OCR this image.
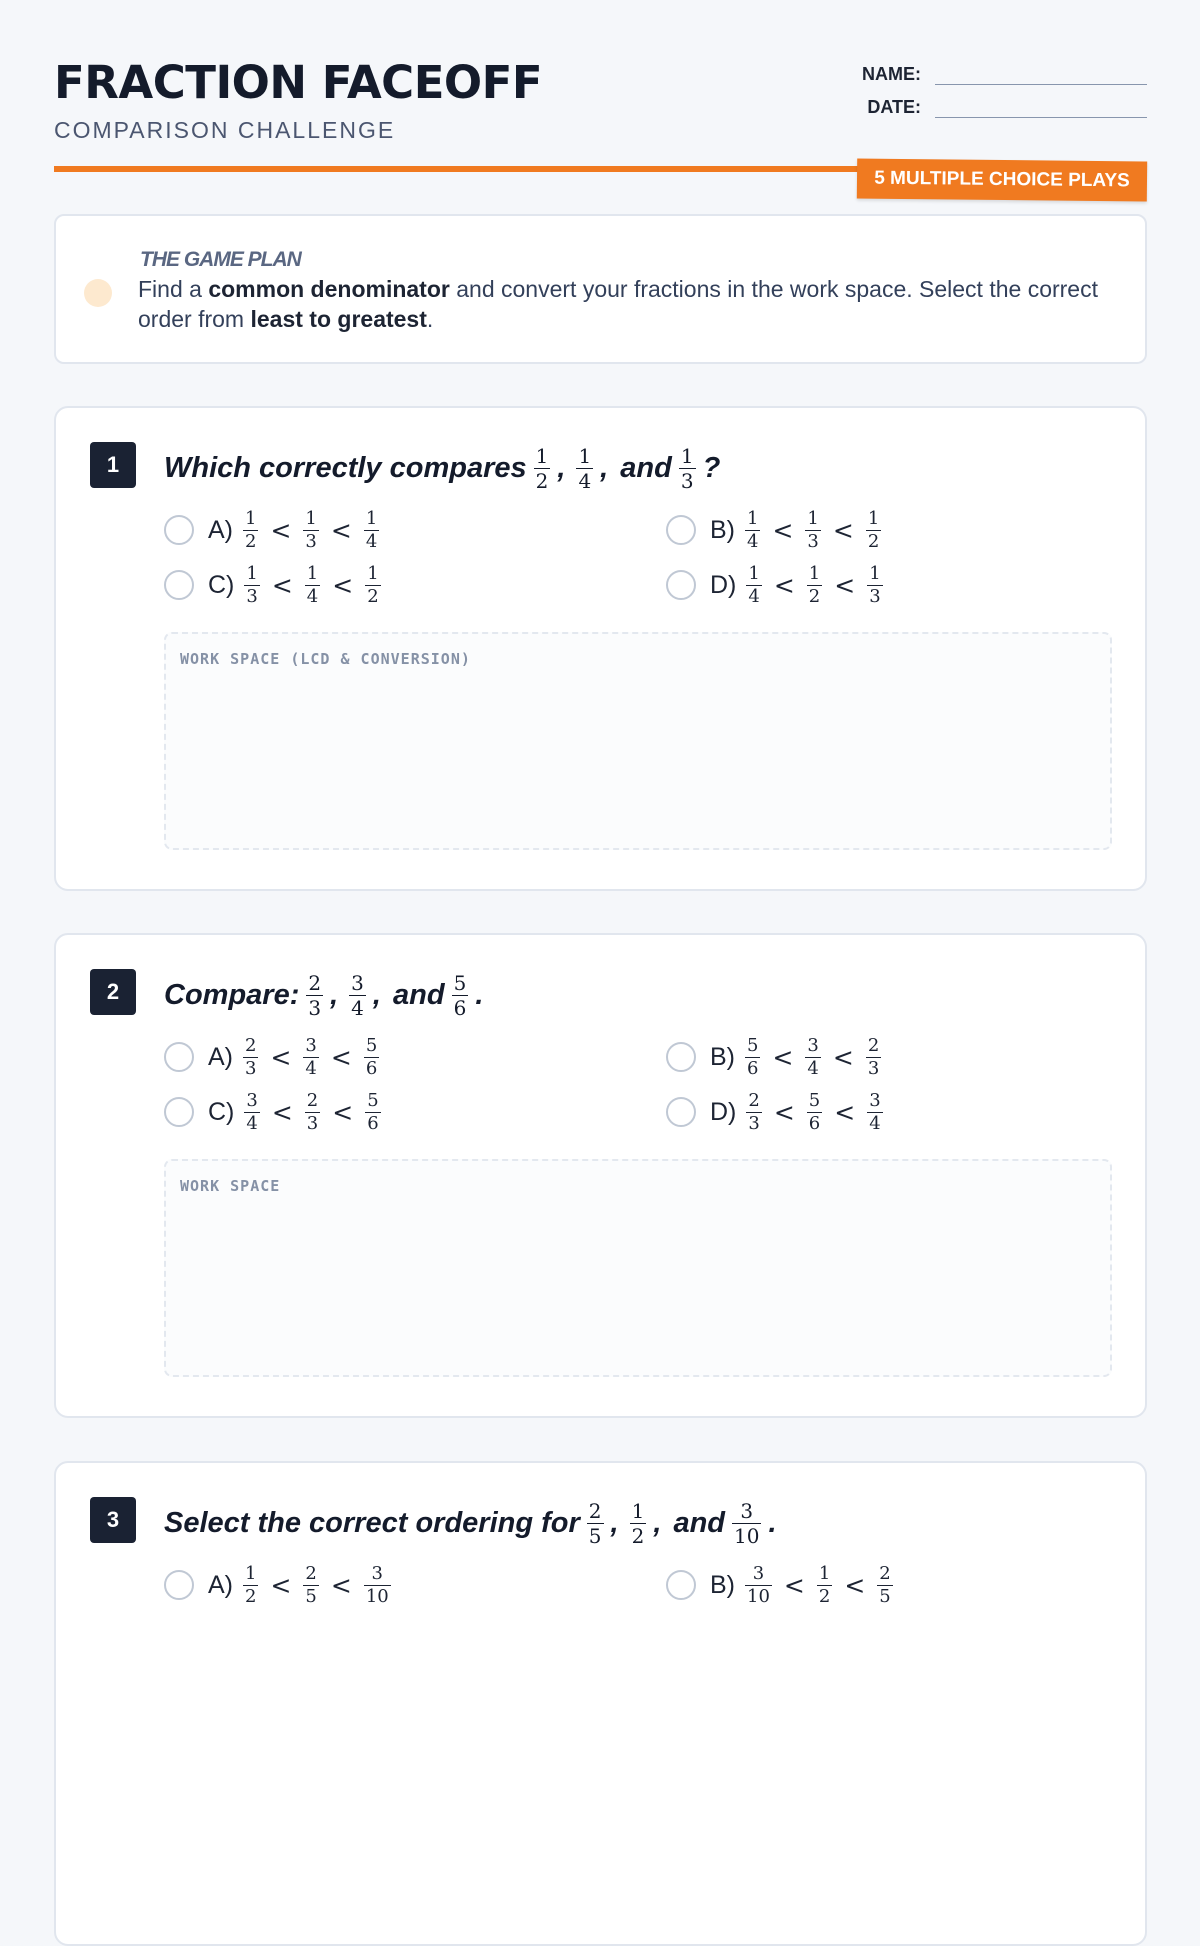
FRACTION FACEOFF
COMPARISON CHALLENGE
NAME:
DATE:
5 MULTIPLE CHOICE PLAYS
THE GAME PLAN
Find a common denominator and convert your fractions in the work space. Select the correct order from least to greatest.
1	Which correctly compares $\frac{1}{2}$ , $\frac{1}{4}$ , and $\frac{1}{3}$ ?
$A) \frac{1}{2} < \frac{1}{3} < \frac{1}{4}$	$B) \frac{1}{4} < \frac{1}{3} < \frac{1}{2}$
$C) \frac{1}{3} < \frac{1}{4} < \frac{1}{2}$	$D) \frac{1}{4} < \frac{1}{2} < \frac{1}{3}$
WORK SPACE (LCD & CONVERSION)
2	Compare: $\frac{2}{3}$ , $\frac{3}{4}$ , and $\frac{5}{6}$ .
$A) \frac{2}{3} < \frac{3}{4} < \frac{5}{6}$	$B) \frac{5}{6} < \frac{3}{4} < \frac{2}{3}$
$C) \frac{3}{4} < \frac{2}{3} < \frac{5}{6}$	$D) \frac{2}{3} < \frac{5}{6} < \frac{3}{4}$
WORK SPACE
3	Select the correct ordering for $\frac{2}{5}$ , $\frac{1}{2}$ , and $\frac{3}{10}$ .
$A) \frac{1}{2} < \frac{2}{5} < \frac{3}{10}$	$B) \frac{3}{10} < \frac{1}{2} < \frac{2}{5}$
